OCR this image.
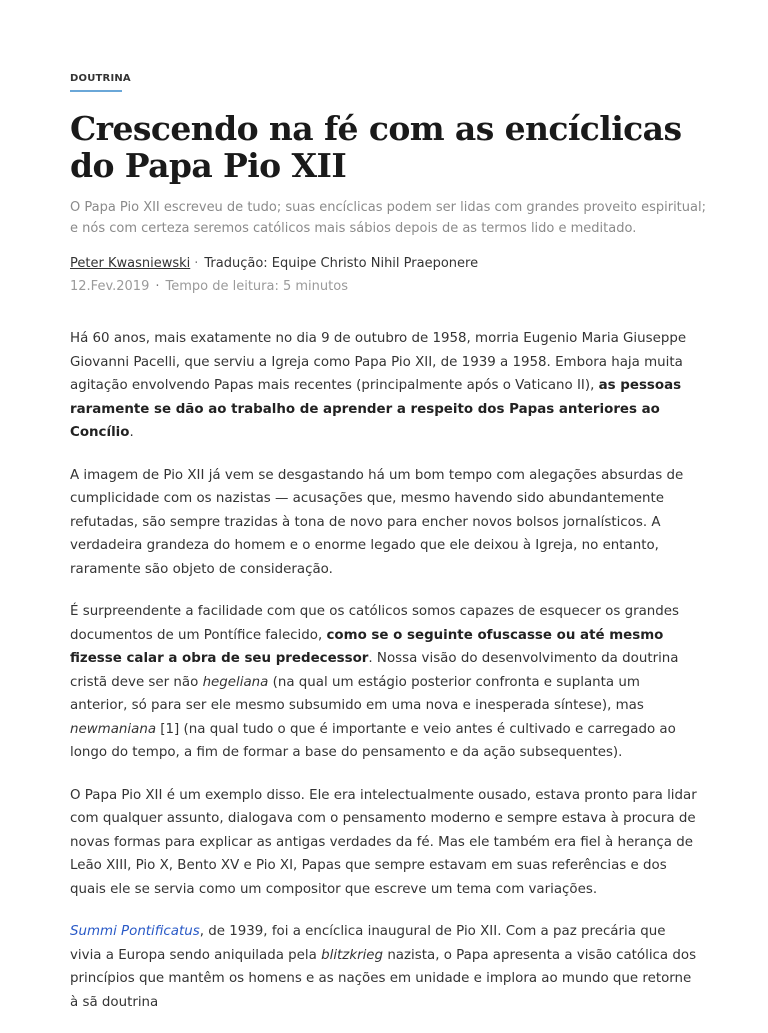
DOUTRINA
Crescendo na fé com as encíclicas do Papa Pio XII

O Papa Pio XII escreveu de tudo; suas encíclicas podem ser lidas com grandes proveito espiritual; e nós com certeza seremos católicos mais sábios depois de as termos lido e meditado.

Peter Kwasniewski · Tradução: Equipe Christo Nihil Praeponere
12.Fev.2019 · Tempo de leitura: 5 minutos

Há 60 anos, mais exatamente no dia 9 de outubro de 1958, morria Eugenio Maria Giuseppe Giovanni Pacelli, que serviu a Igreja como Papa Pio XII, de 1939 a 1958. Embora haja muita agitação envolvendo Papas mais recentes (principalmente após o Vaticano II), as pessoas raramente se dão ao trabalho de aprender a respeito dos Papas anteriores ao Concílio.

A imagem de Pio XII já vem se desgastando há um bom tempo com alegações absurdas de cumplicidade com os nazistas — acusações que, mesmo havendo sido abundantemente refutadas, são sempre trazidas à tona de novo para encher novos bolsos jornalísticos. A verdadeira grandeza do homem e o enorme legado que ele deixou à Igreja, no entanto, raramente são objeto de consideração.

É surpreendente a facilidade com que os católicos somos capazes de esquecer os grandes documentos de um Pontífice falecido, como se o seguinte ofuscasse ou até mesmo fizesse calar a obra de seu predecessor. Nossa visão do desenvolvimento da doutrina cristã deve ser não hegeliana (na qual um estágio posterior confronta e suplanta um anterior, só para ser ele mesmo subsumido em uma nova e inesperada síntese), mas newmaniana [1] (na qual tudo o que é importante e veio antes é cultivado e carregado ao longo do tempo, a fim de formar a base do pensamento e da ação subsequentes).

O Papa Pio XII é um exemplo disso. Ele era intelectualmente ousado, estava pronto para lidar com qualquer assunto, dialogava com o pensamento moderno e sempre estava à procura de novas formas para explicar as antigas verdades da fé. Mas ele também era fiel à herança de Leão XIII, Pio X, Bento XV e Pio XI, Papas que sempre estavam em suas referências e dos quais ele se servia como um compositor que escreve um tema com variações.

Summi Pontificatus, de 1939, foi a encíclica inaugural de Pio XII. Com a paz precária que vivia a Europa sendo aniquilada pela blitzkrieg nazista, o Papa apresenta a visão católica dos princípios que mantêm os homens e as nações em unidade e implora ao mundo que retorne à sã doutrina
